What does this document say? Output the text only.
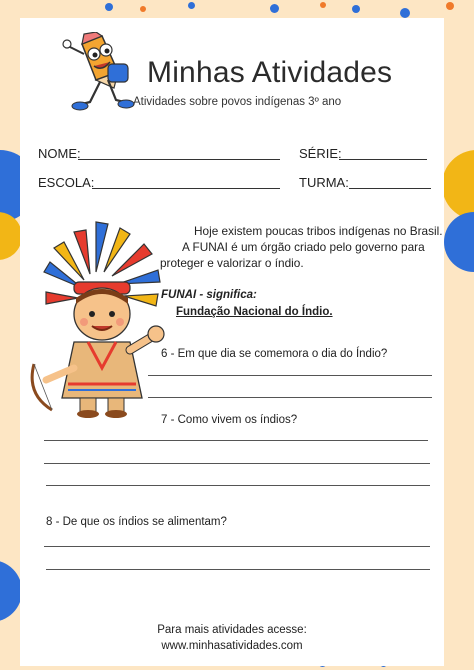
Minhas Atividades
Atividades sobre povos indígenas 3º ano
NOME:	SÉRIE:
ESCOLA:	TURMA:
Hoje existem poucas tribos indígenas no Brasil.
A FUNAI é um órgão criado pelo governo para
proteger e valorizar o índio.
FUNAI - significa:
Fundação Nacional do Índio.
6 - Em que dia se comemora o dia do Índio?
7 - Como vivem os índios?
8 - De que os índios se alimentam?
Para mais atividades acesse:
www.minhasatividades.com
